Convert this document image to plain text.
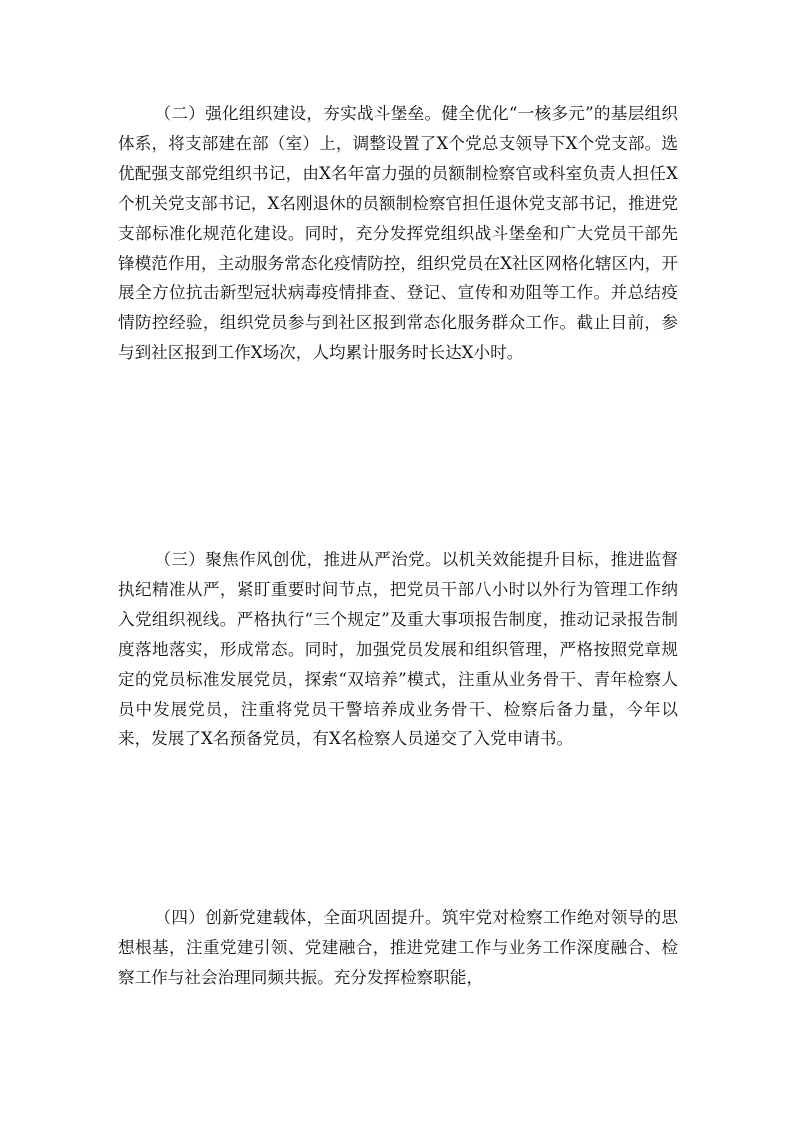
（二）强化组织建设，夯实战斗堡垒。健全优化“一核多元”的基层组织体系，将支部建在部（室）上，调整设置了X个党总支领导下X个党支部。选优配强支部党组织书记，由X名年富力强的员额制检察官或科室负责人担任X个机关党支部书记，X名刚退休的员额制检察官担任退休党支部书记，推进党支部标准化规范化建设。同时，充分发挥党组织战斗堡垒和广大党员干部先锋模范作用，主动服务常态化疫情防控，组织党员在X社区网格化辖区内，开展全方位抗击新型冠状病毒疫情排查、登记、宣传和劝阻等工作。并总结疫情防控经验，组织党员参与到社区报到常态化服务群众工作。截止目前，参与到社区报到工作X场次，人均累计服务时长达X小时。

（三）聚焦作风创优，推进从严治党。以机关效能提升目标，推进监督执纪精准从严，紧盯重要时间节点，把党员干部八小时以外行为管理工作纳入党组织视线。严格执行“三个规定”及重大事项报告制度，推动记录报告制度落地落实，形成常态。同时，加强党员发展和组织管理，严格按照党章规定的党员标准发展党员，探索“双培养”模式，注重从业务骨干、青年检察人员中发展党员，注重将党员干警培养成业务骨干、检察后备力量，今年以来，发展了X名预备党员，有X名检察人员递交了入党申请书。

（四）创新党建载体，全面巩固提升。筑牢党对检察工作绝对领导的思想根基，注重党建引领、党建融合，推进党建工作与业务工作深度融合、检察工作与社会治理同频共振。充分发挥检察职能，
